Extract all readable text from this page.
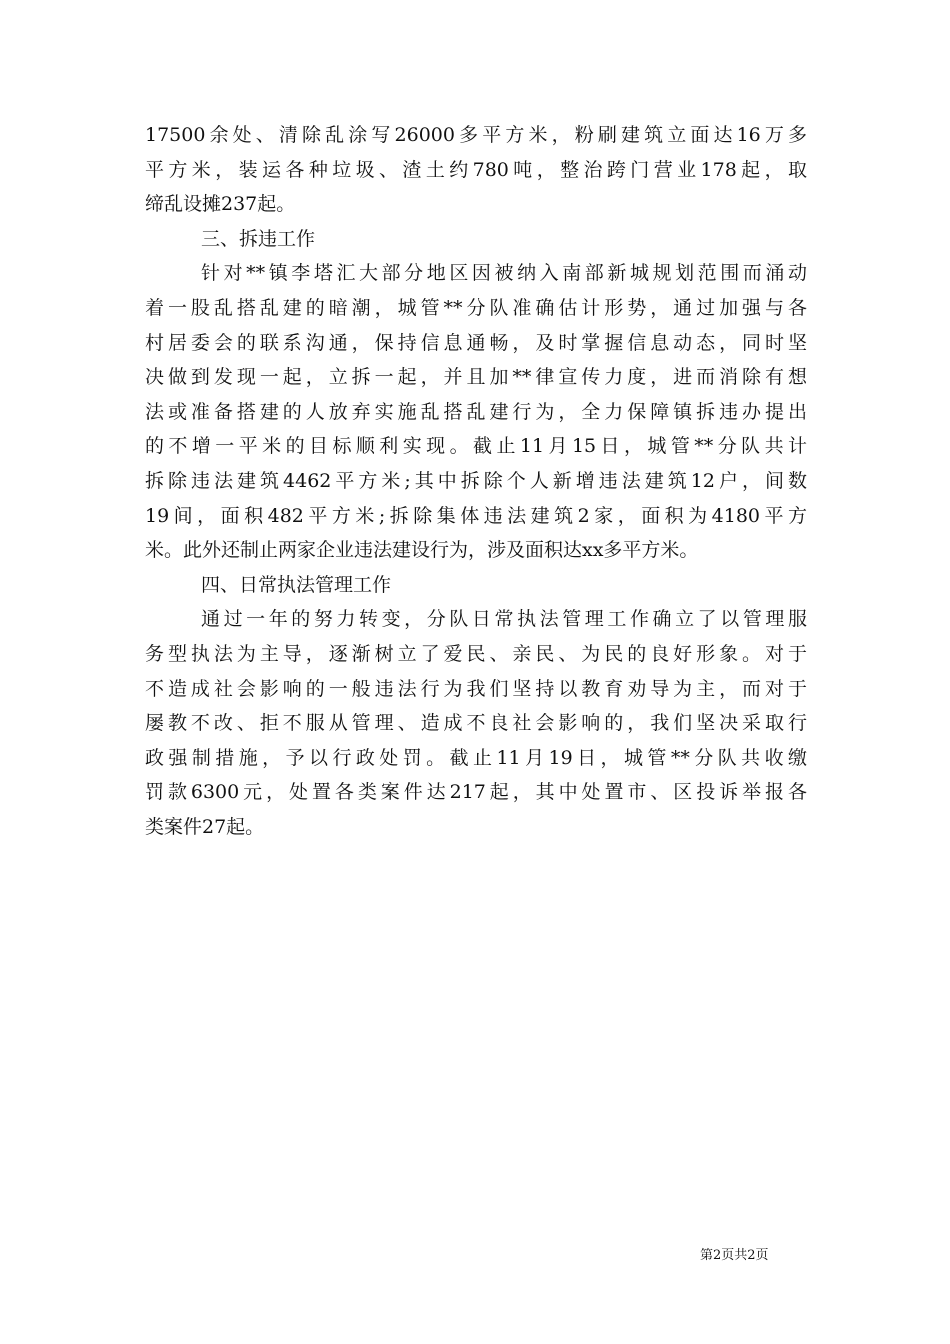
17500余处、清除乱涂写26000多平方米，粉刷建筑立面达16万多
平方米，装运各种垃圾、渣土约780吨，整治跨门营业178起，取
缔乱设摊237起。
三、拆违工作
针对**镇李塔汇大部分地区因被纳入南部新城规划范围而涌动
着一股乱搭乱建的暗潮，城管**分队准确估计形势，通过加强与各
村居委会的联系沟通，保持信息通畅，及时掌握信息动态，同时坚
决做到发现一起，立拆一起，并且加**律宣传力度，进而消除有想
法或准备搭建的人放弃实施乱搭乱建行为，全力保障镇拆违办提出
的不增一平米的目标顺利实现。截止11月15日，城管**分队共计
拆除违法建筑4462平方米;其中拆除个人新增违法建筑12户，间数
19间，面积482平方米;拆除集体违法建筑2家，面积为4180平方
米。此外还制止两家企业违法建设行为，涉及面积达xx多平方米。
四、日常执法管理工作
通过一年的努力转变，分队日常执法管理工作确立了以管理服
务型执法为主导，逐渐树立了爱民、亲民、为民的良好形象。对于
不造成社会影响的一般违法行为我们坚持以教育劝导为主，而对于
屡教不改、拒不服从管理、造成不良社会影响的，我们坚决采取行
政强制措施，予以行政处罚。截止11月19日，城管**分队共收缴
罚款6300元，处置各类案件达217起，其中处置市、区投诉举报各
类案件27起。
第2页共2页
